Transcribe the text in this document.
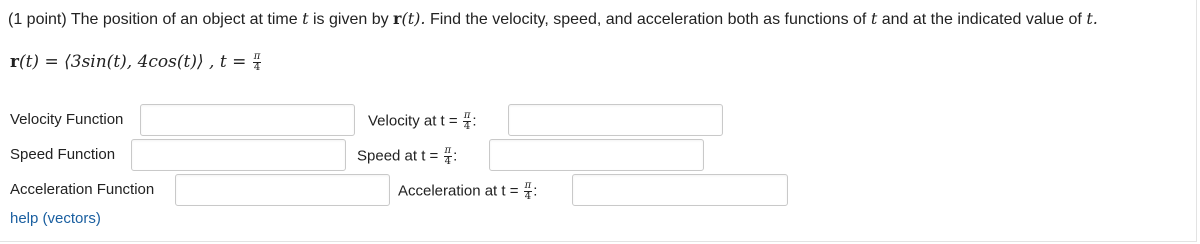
(1 point) The position of an object at time t is given by r(t). Find the velocity, speed, and acceleration both as functions of t and at the indicated value of t.
r(t) = ⟨3sin(t), 4cos(t)⟩ , $t = \frac{\pi}{4}$
Velocity Function	Velocity at $t = \frac{\pi}{4}$ :
Speed Function	Speed at $t = \frac{\pi}{4}$ :
Acceleration Function	Acceleration at $t = \frac{\pi}{4}$ :
help (vectors)
